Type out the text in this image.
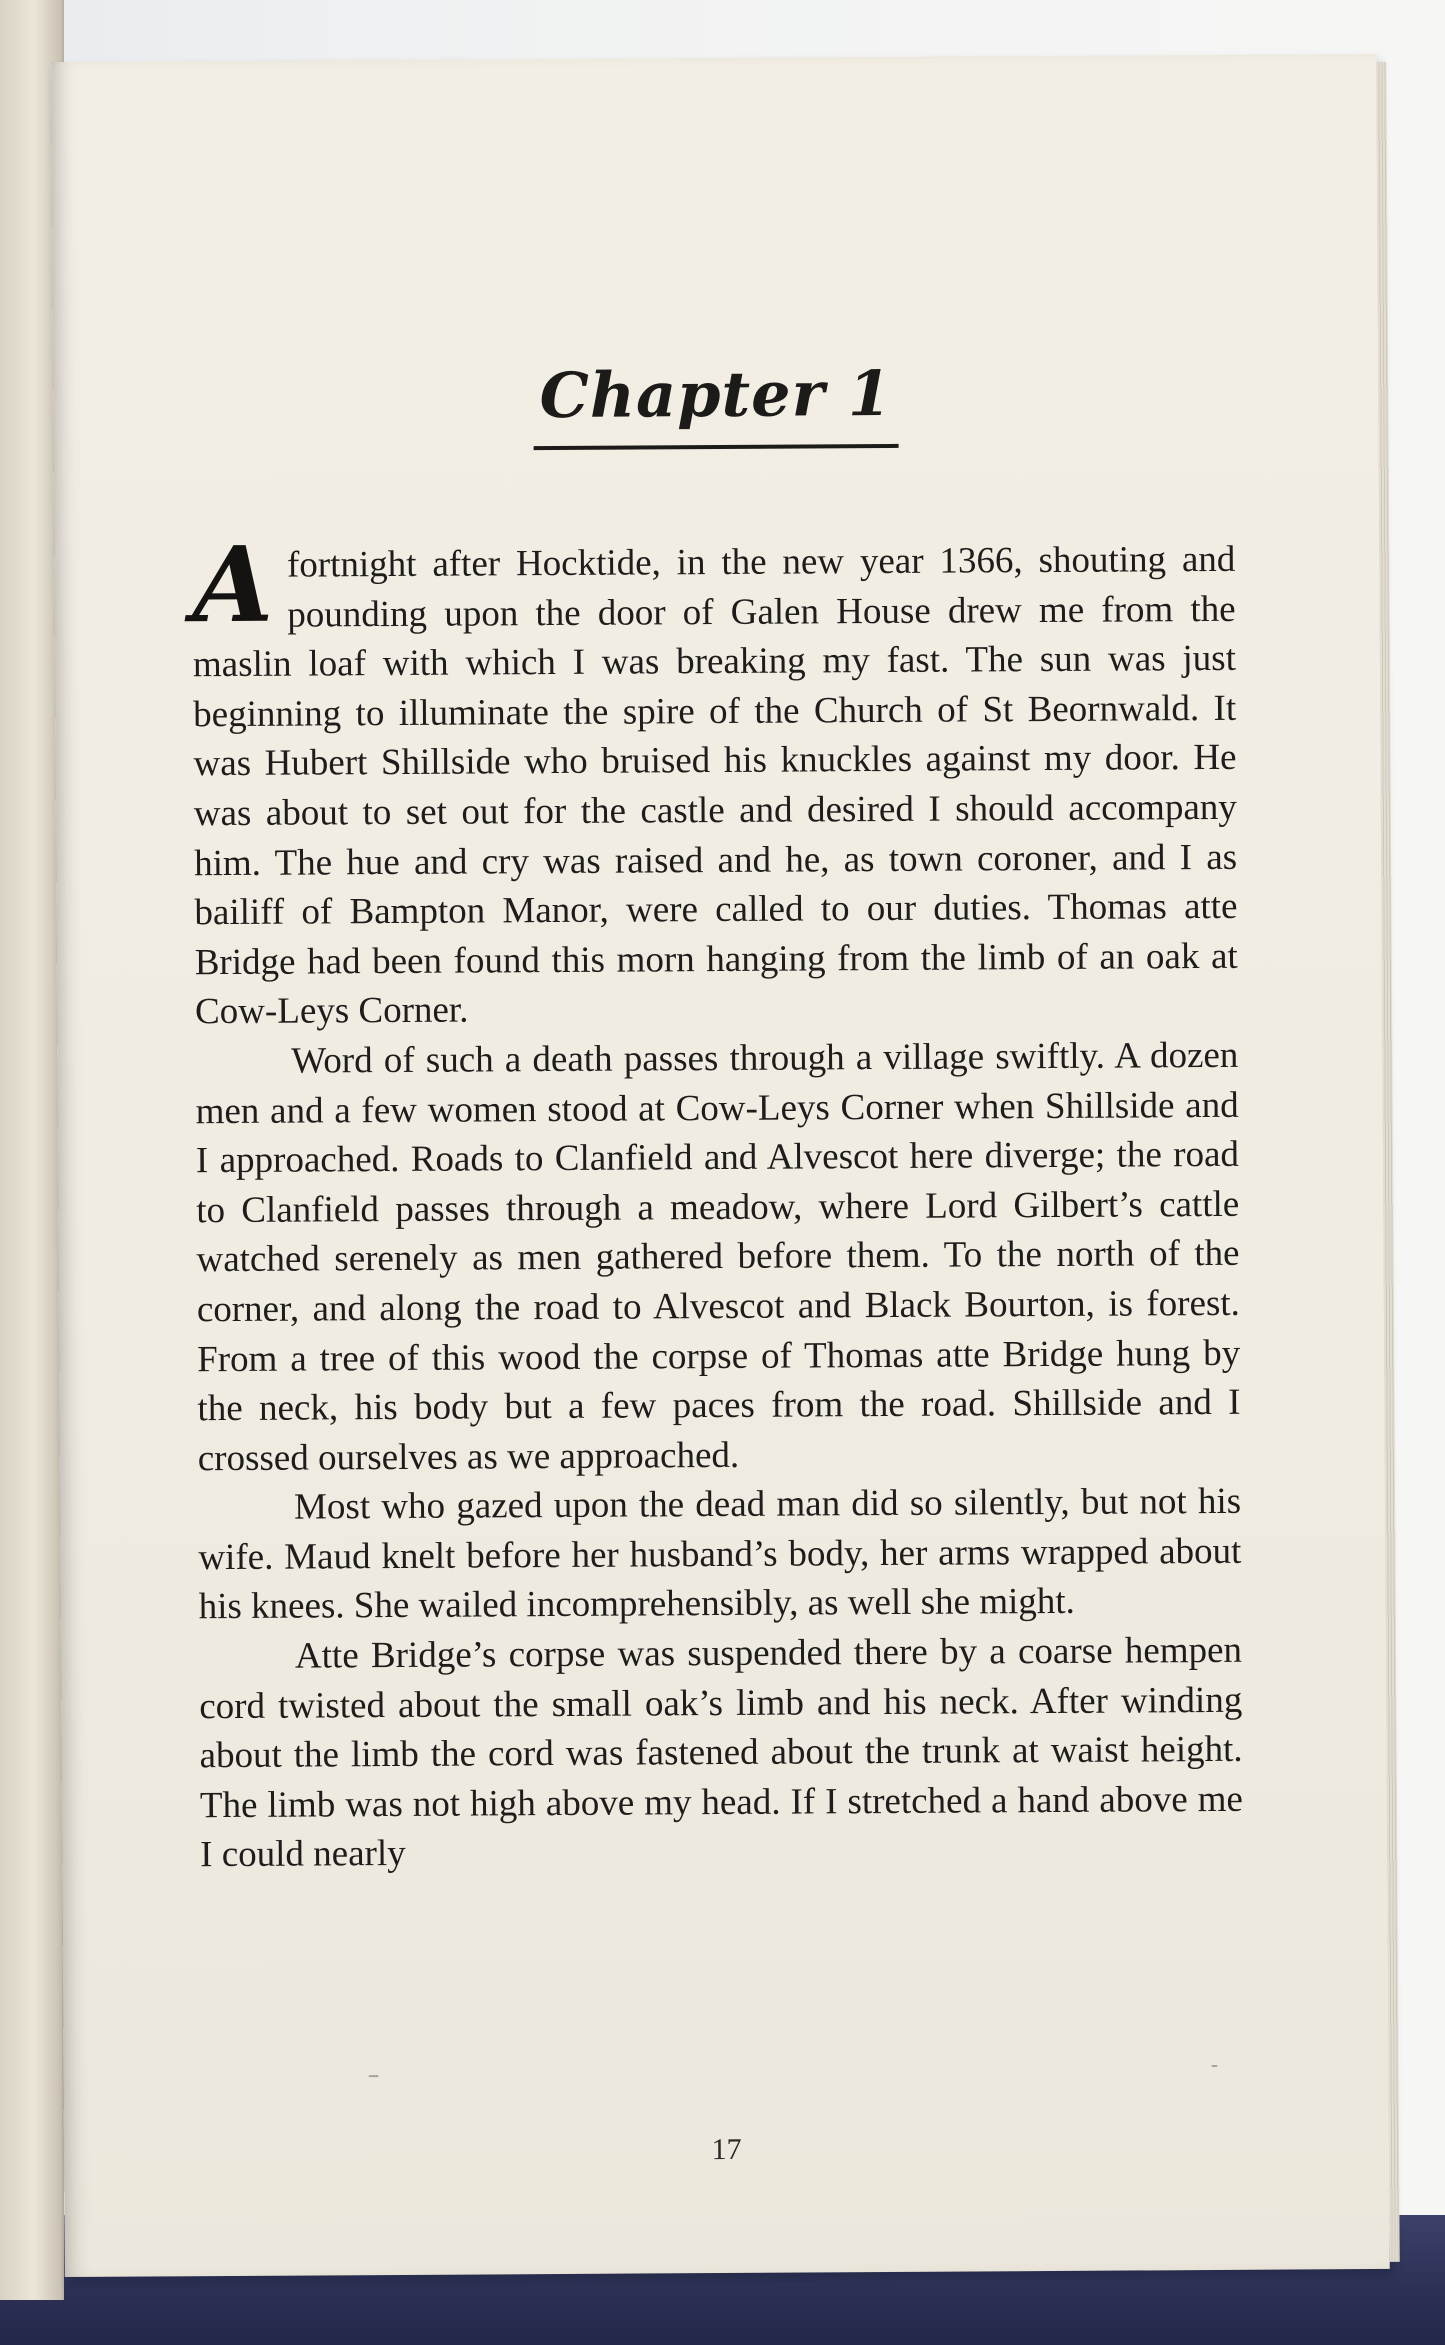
Chapter 1

A fortnight after Hocktide, in the new year 1366, shouting and pounding upon the door of Galen House drew me from the maslin loaf with which I was breaking my fast. The sun was just beginning to illuminate the spire of the Church of St Beornwald. It was Hubert Shillside who bruised his knuckles against my door. He was about to set out for the castle and desired I should accompany him. The hue and cry was raised and he, as town coroner, and I as bailiff of Bampton Manor, were called to our duties. Thomas atte Bridge had been found this morn hanging from the limb of an oak at Cow-Leys Corner.

Word of such a death passes through a village swiftly. A dozen men and a few women stood at Cow-Leys Corner when Shillside and I approached. Roads to Clanfield and Alvescot here diverge; the road to Clanfield passes through a meadow, where Lord Gilbert’s cattle watched serenely as men gathered before them. To the north of the corner, and along the road to Alvescot and Black Bourton, is forest. From a tree of this wood the corpse of Thomas atte Bridge hung by the neck, his body but a few paces from the road. Shillside and I crossed ourselves as we approached.

Most who gazed upon the dead man did so silently, but not his wife. Maud knelt before her husband’s body, her arms wrapped about his knees. She wailed incomprehensibly, as well she might.

Atte Bridge’s corpse was suspended there by a coarse hempen cord twisted about the small oak’s limb and his neck. After winding about the limb the cord was fastened about the trunk at waist height. The limb was not high above my head. If I stretched a hand above me I could nearly

17
